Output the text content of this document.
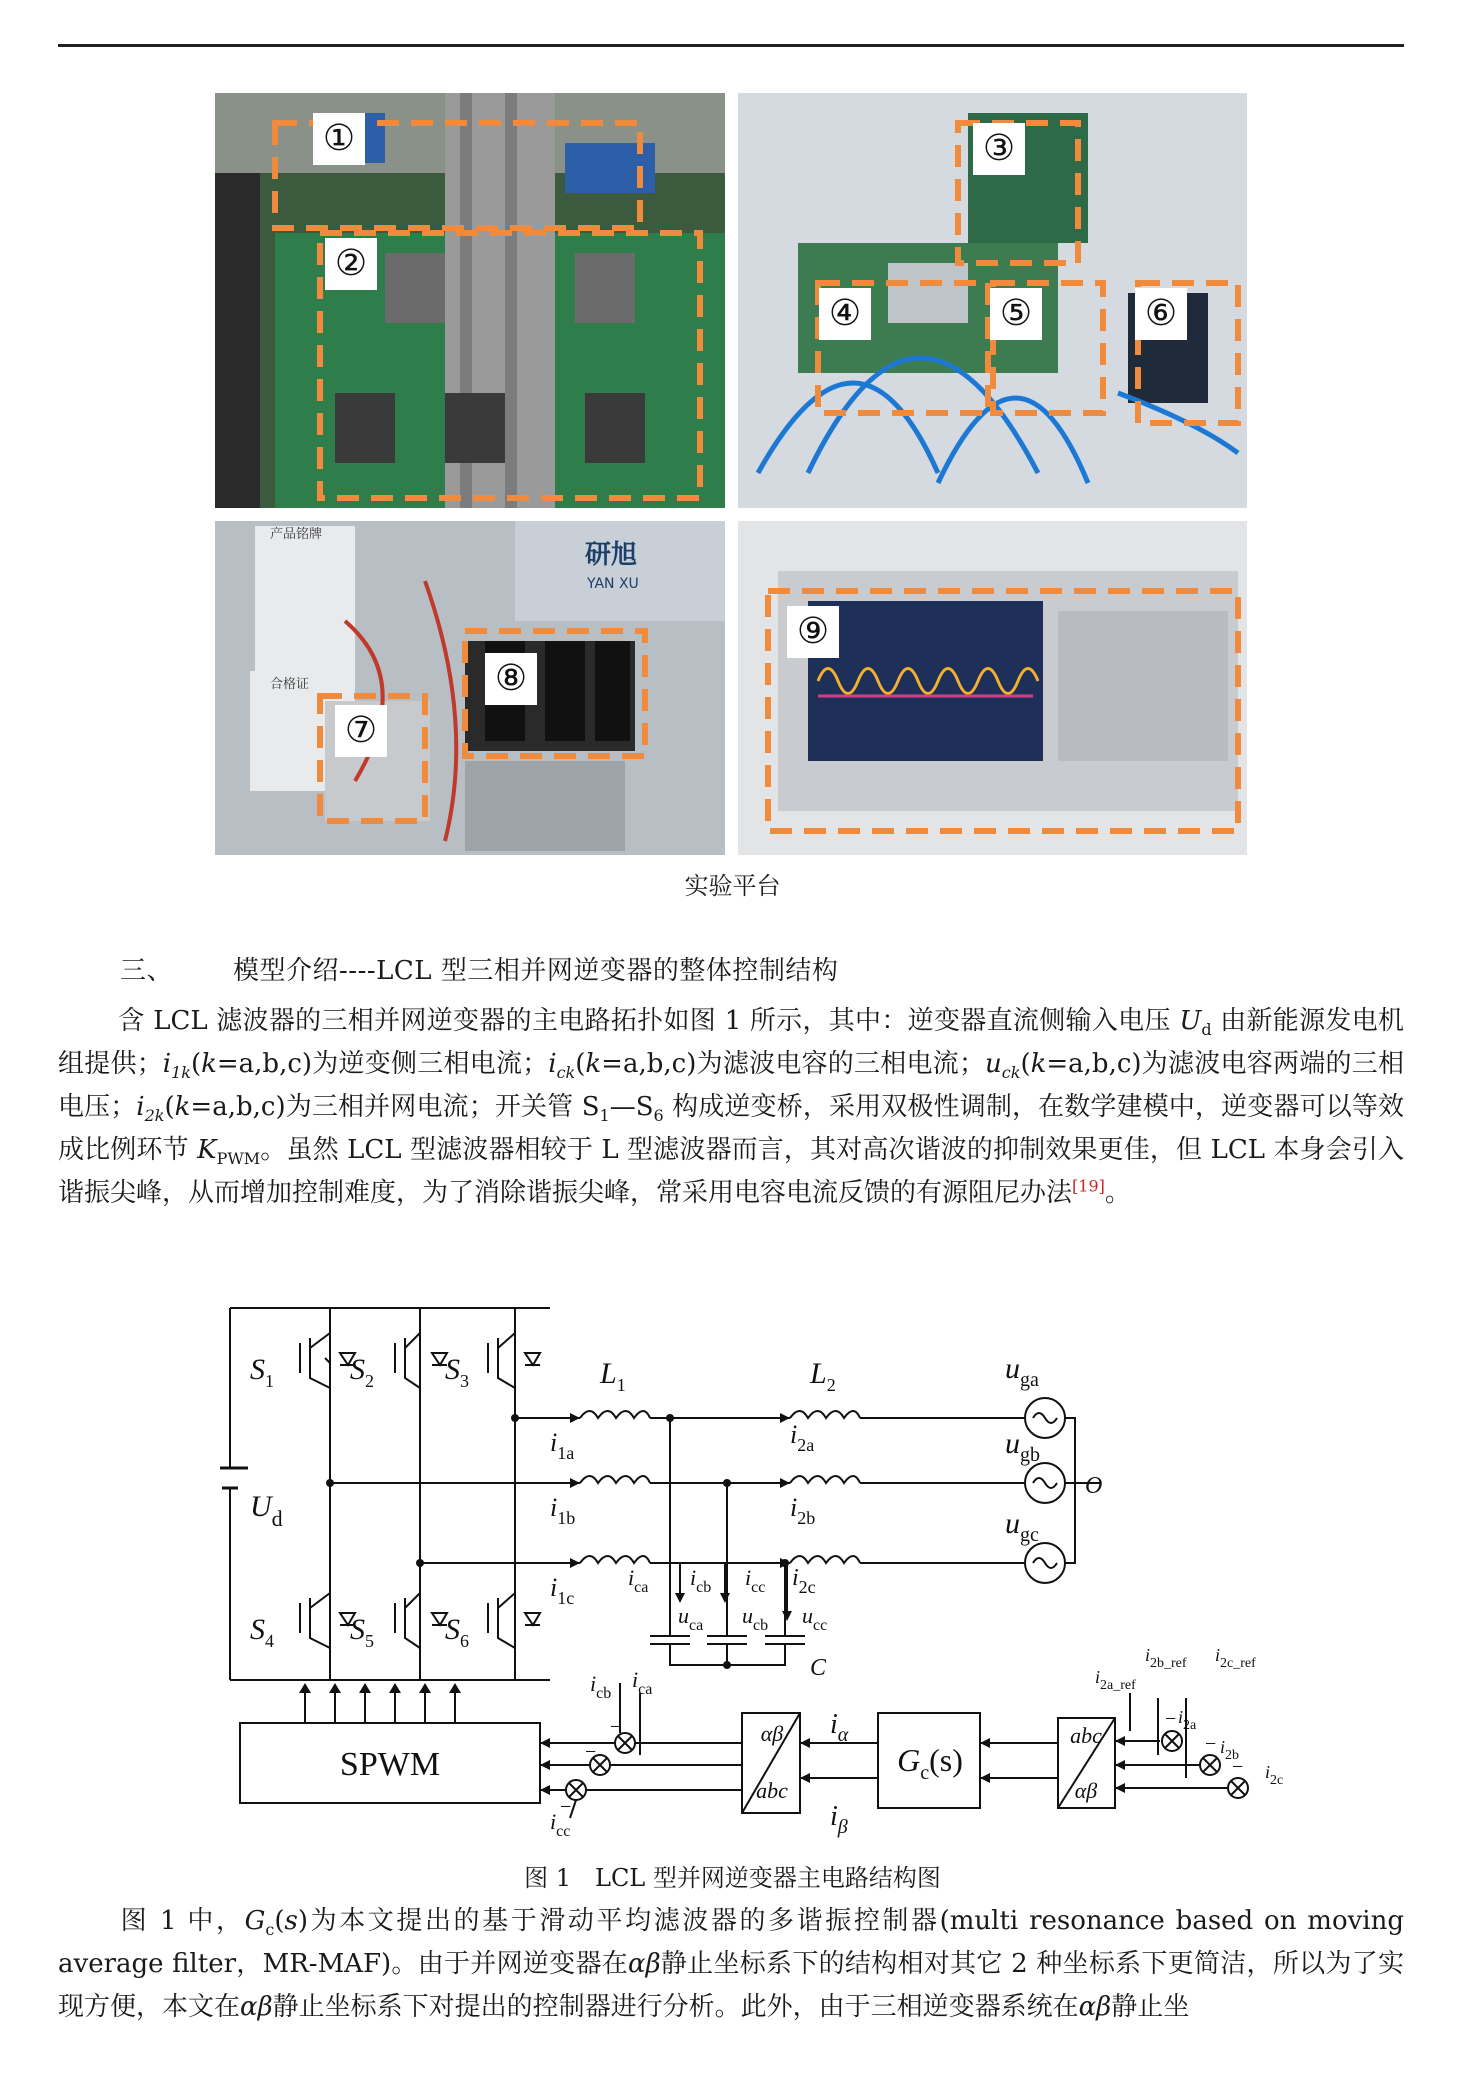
①
②
③
④	⑤	⑥
⑦
⑧
⑨
研旭
YAN XU
产品铭牌
合格证
实验平台
三、 模型介绍----LCL 型三相并网逆变器的整体控制结构
含 LCL 滤波器的三相并网逆变器的主电路拓扑如图 1 所示，其中：逆变器直流侧输入电压 $U_d$ 由新能源发电机组提供；$i_{1k}(k=a,b,c)$为逆变侧三相电流；$i_{ck}(k=a,b,c)$为滤波电容的三相电流；$u_{ck}(k=a,b,c)$为滤波电容两端的三相电压；$i_{2k}(k=a,b,c)$为三相并网电流；开关管 $S_1—S_6$ 构成逆变桥，采用双极性调制，在数学建模中，逆变器可以等效成比例环节 $K_{PWM}$。虽然 LCL 型滤波器相较于 L 型滤波器而言，其对高次谐波的抑制效果更佳，但 LCL 本身会引入谐振尖峰，从而增加控制难度，为了消除谐振尖峰，常采用电容电流反馈的有源阻尼办法[19]。
$S_1$	$S_2$ $S_3$
$S_4$	$S_5$ $S_6$
$U_d$
$L_1$	$L_2$	$u_{ga}$
$u_{gb}$
$u_{gc}$
O
$i_{1a}$
$i_{1b}$
$i_{1c}$
$i_{2a}$
$i_{2b}$
$i_{2c}$
$i_{ca}$ $i_{cb}$ $i_{cc}$
$u_{ca}$ $u_{cb}$ $u_{cc}$
C
$i_{cb}$
$i_{ca}$
$i_{cc}$
$i_\alpha$
$i_\beta$
$i_{2a\_ref}$
$i_{2b\_ref}$ $i_{2c\_ref}$
$i_{2a}$
$i_{2b}$
$i_{2c}$
−
−
−
−
−
−
SPWM	$G_c(s)$
αβ
abc
abc
αβ
图 1　LCL 型并网逆变器主电路结构图
图 1 中，$G_c(s)$为本文提出的基于滑动平均滤波器的多谐振控制器(multi resonance based on moving average filter，MR-MAF)。由于并网逆变器在αβ静止坐标系下的结构相对其它 2 种坐标系下更简洁，所以为了实现方便，本文在αβ静止坐标系下对提出的控制器进行分析。此外，由于三相逆变器系统在αβ静止坐
